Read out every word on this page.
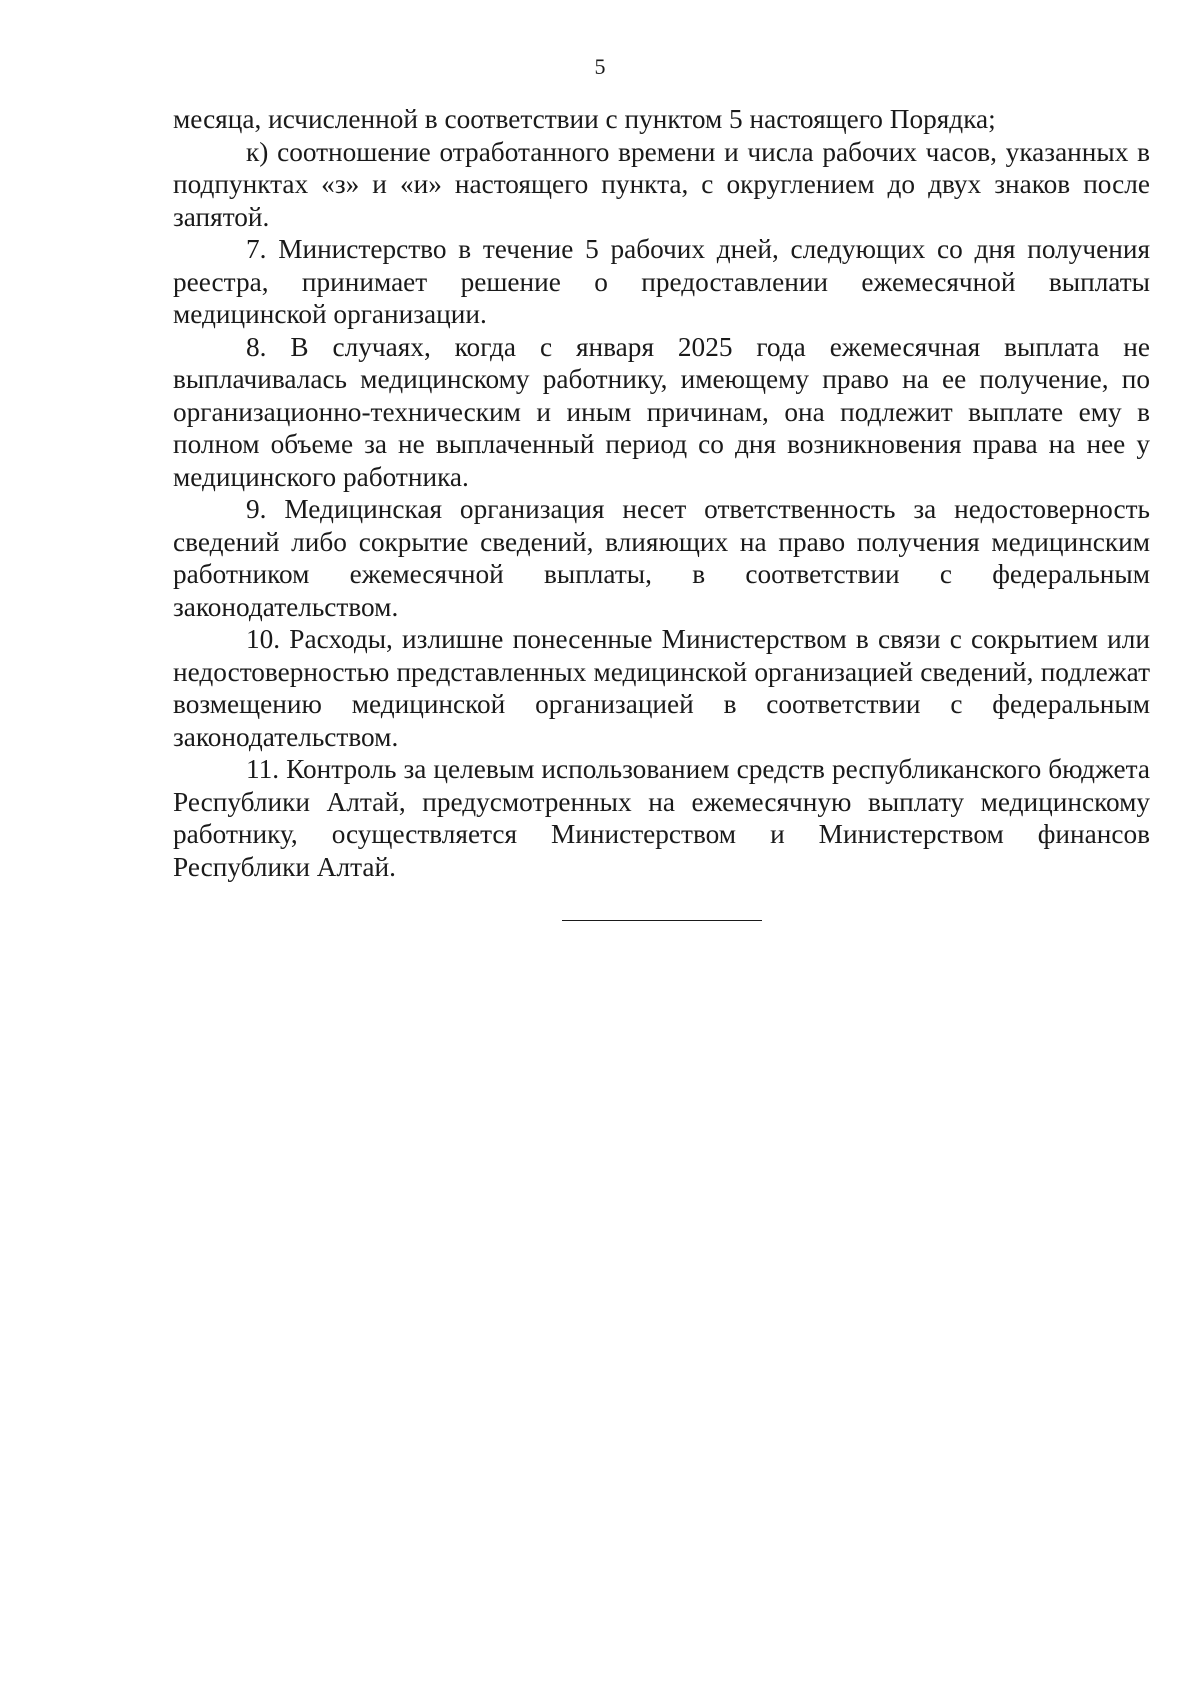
5

месяца, исчисленной в соответствии с пунктом 5 настоящего Порядка;

к) соотношение отработанного времени и числа рабочих часов, указанных в подпунктах «з» и «и» настоящего пункта, с округлением до двух знаков после запятой.

7. Министерство в течение 5 рабочих дней, следующих со дня получения реестра, принимает решение о предоставлении ежемесячной выплаты медицинской организации.

8. В случаях, когда с января 2025 года ежемесячная выплата не выплачивалась медицинскому работнику, имеющему право на ее получение, по организационно-техническим и иным причинам, она подлежит выплате ему в полном объеме за не выплаченный период со дня возникновения права на нее у медицинского работника.

9. Медицинская организация несет ответственность за недостоверность сведений либо сокрытие сведений, влияющих на право получения медицинским работником ежемесячной выплаты, в соответствии с федеральным законодательством.

10. Расходы, излишне понесенные Министерством в связи с сокрытием или недостоверностью представленных медицинской организацией сведений, подлежат возмещению медицинской организацией в соответствии с федеральным законодательством.

11. Контроль за целевым использованием средств республиканского бюджета Республики Алтай, предусмотренных на ежемесячную выплату медицинскому работнику, осуществляется Министерством и Министерством финансов Республики Алтай.
